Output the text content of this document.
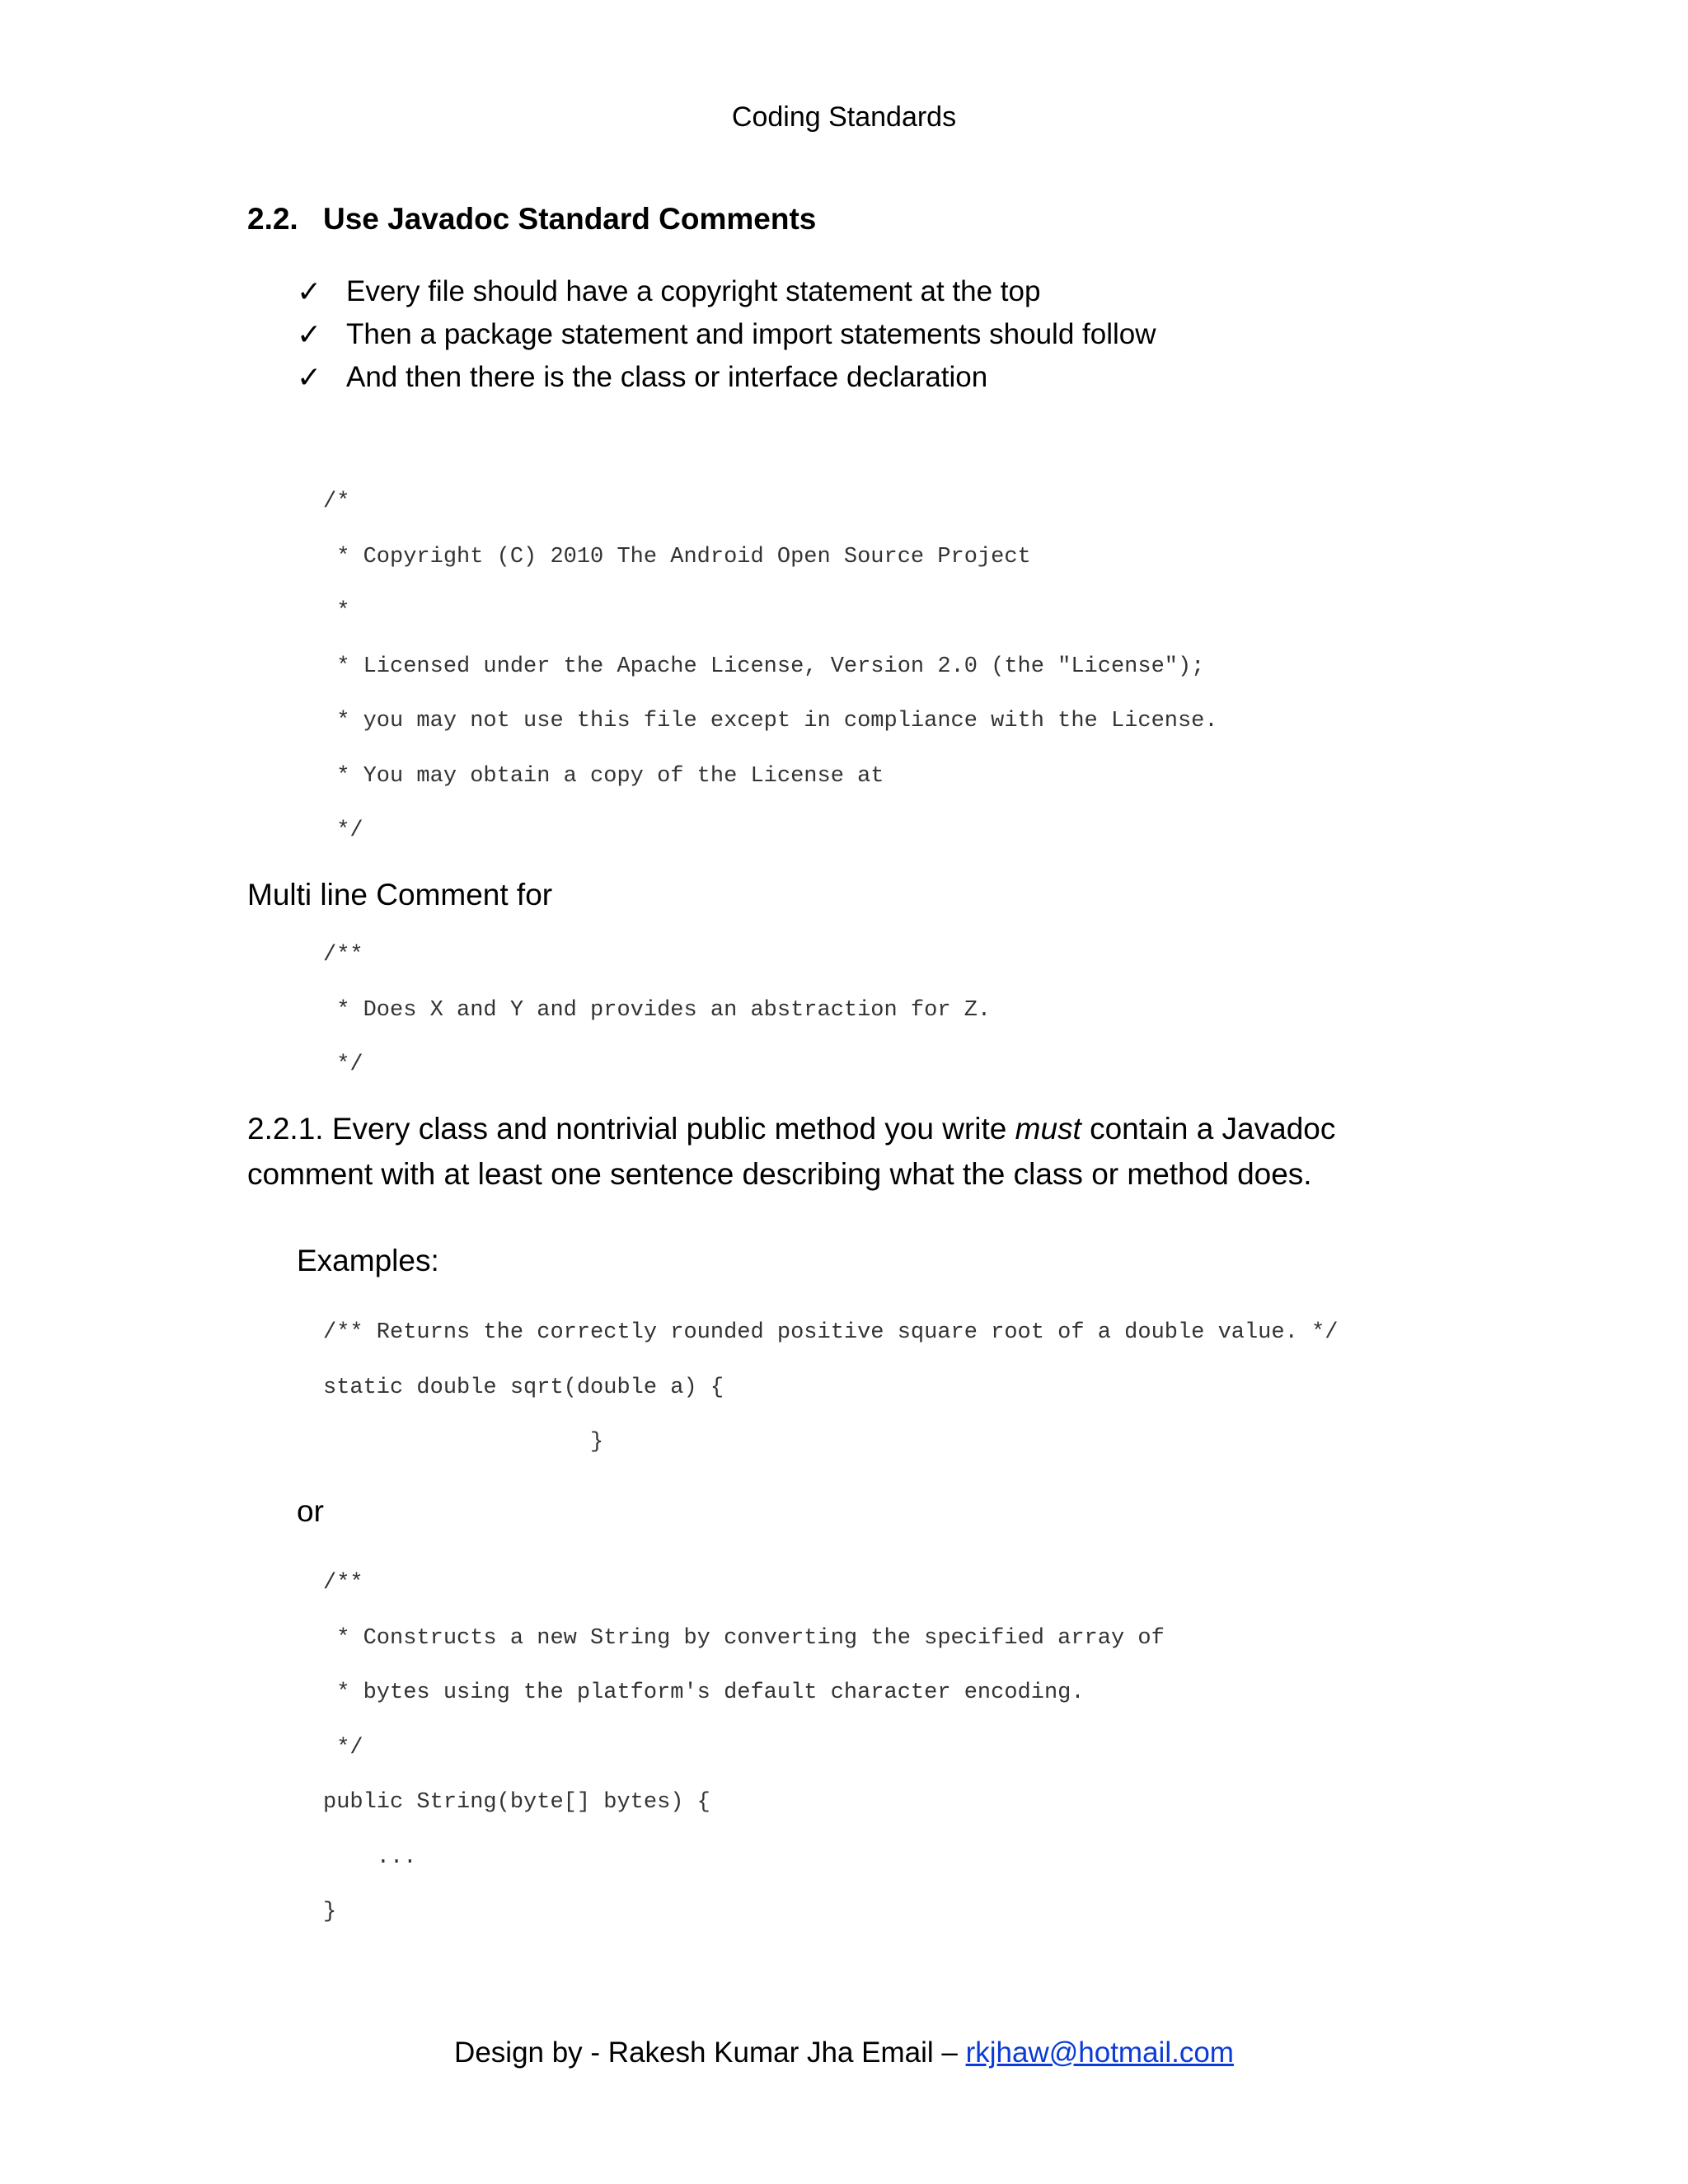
Coding Standards
2.2. Use Javadoc Standard Comments
✓ Every file should have a copyright statement at the top
✓ Then a package statement and import statements should follow
✓ And then there is the class or interface declaration
/*
* Copyright (C) 2010 The Android Open Source Project
*
* Licensed under the Apache License, Version 2.0 (the "License");
* you may not use this file except in compliance with the License.
* You may obtain a copy of the License at
*/
Multi line Comment for
/**
* Does X and Y and provides an abstraction for Z.
*/
2.2.1. Every class and nontrivial public method you write must contain a Javadoc comment with at least one sentence describing what the class or method does.
Examples:
/** Returns the correctly rounded positive square root of a double value. */
static double sqrt(double a) {
}
or
/**
* Constructs a new String by converting the specified array of
* bytes using the platform's default character encoding.
*/
public String(byte[] bytes) {
...
}
Design by - Rakesh Kumar Jha Email – rkjhaw@hotmail.com
